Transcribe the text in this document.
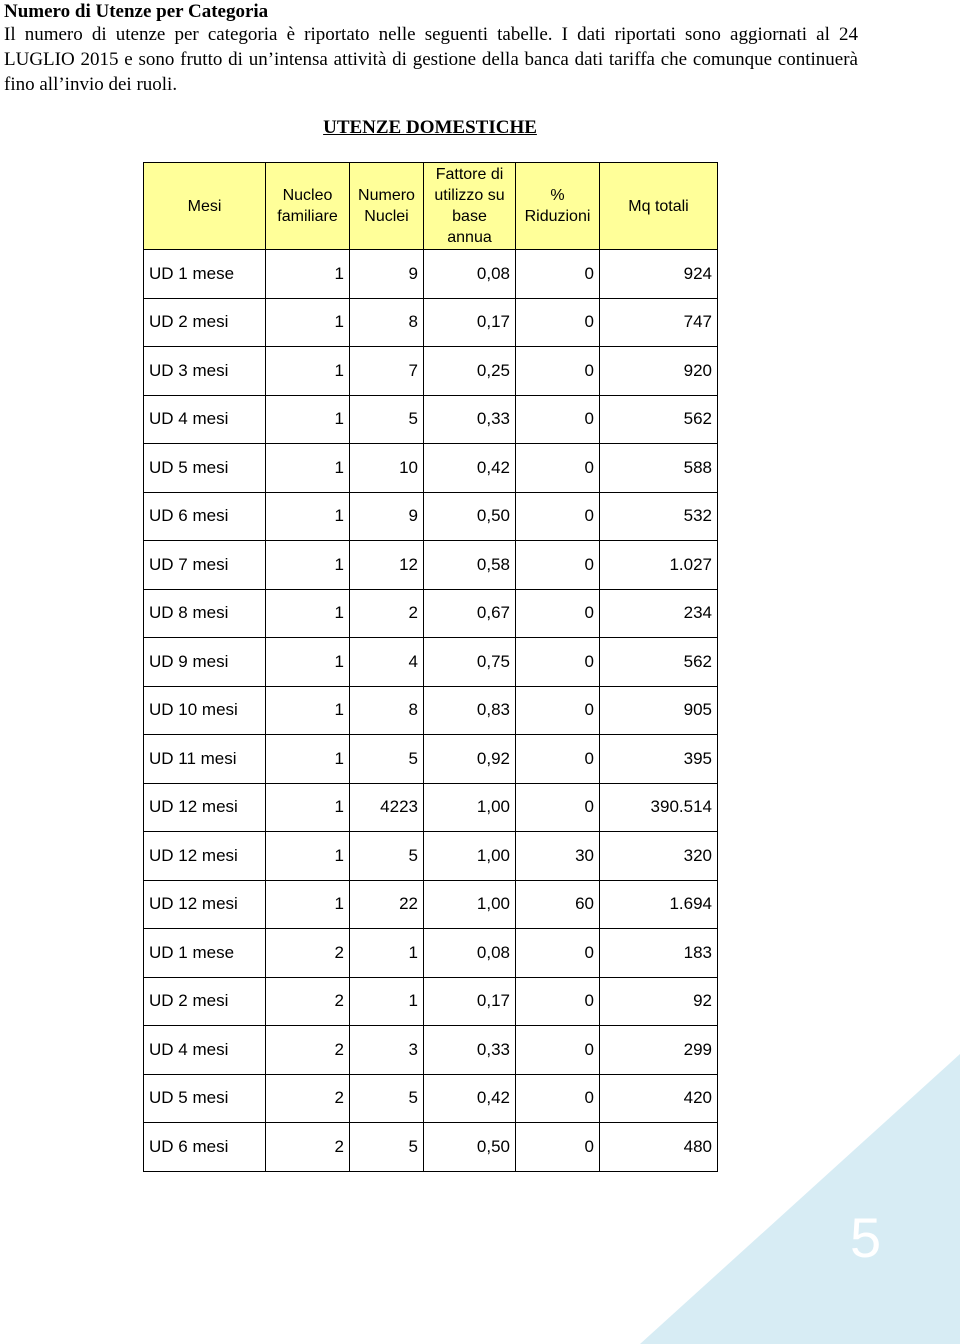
Numero di Utenze per Categoria
Il numero di utenze per categoria è riportato nelle seguenti tabelle. I dati riportati sono aggiornati al 24 LUGLIO 2015 e sono frutto di un’intensa attività di gestione della banca dati tariffa che comunque continuerà fino all’invio dei ruoli.
UTENZE DOMESTICHE
Mesi	Nucleo familiare	Numero Nuclei	Fattore di utilizzo su base annua	% Riduzioni	Mq totali
UD 1 mese	1	9	0,08	0	924
UD 2 mesi	1	8	0,17	0	747
UD 3 mesi	1	7	0,25	0	920
UD 4 mesi	1	5	0,33	0	562
UD 5 mesi	1	10	0,42	0	588
UD 6 mesi	1	9	0,50	0	532
UD 7 mesi	1	12	0,58	0	1.027
UD 8 mesi	1	2	0,67	0	234
UD 9 mesi	1	4	0,75	0	562
UD 10 mesi	1	8	0,83	0	905
UD 11 mesi	1	5	0,92	0	395
UD 12 mesi	1	4223	1,00	0	390.514
UD 12 mesi	1	5	1,00	30	320
UD 12 mesi	1	22	1,00	60	1.694
UD 1 mese	2	1	0,08	0	183
UD 2 mesi	2	1	0,17	0	92
UD 4 mesi	2	3	0,33	0	299
UD 5 mesi	2	5	0,42	0	420
UD 6 mesi	2	5	0,50	0	480
5
